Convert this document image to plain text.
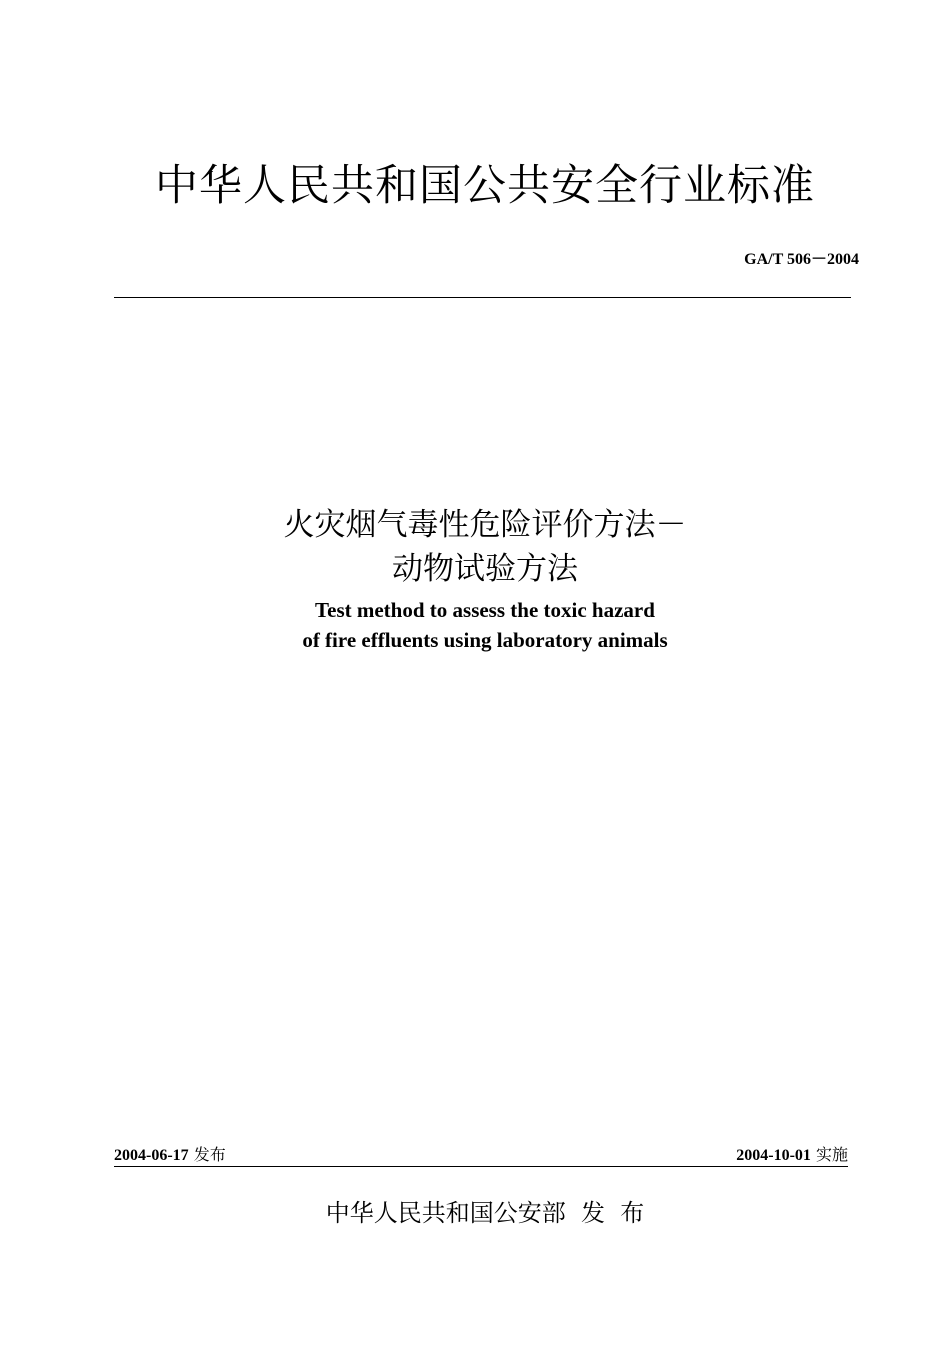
中华人民共和国公共安全行业标准
GA/T 506－2004

火灾烟气毒性危险评价方法－

动物试验方法

Test method to assess the toxic hazard

of fire effluents using laboratory animals

2004-06-17 发布	2004-10-01 实施
中华人民共和国公安部  发  布
